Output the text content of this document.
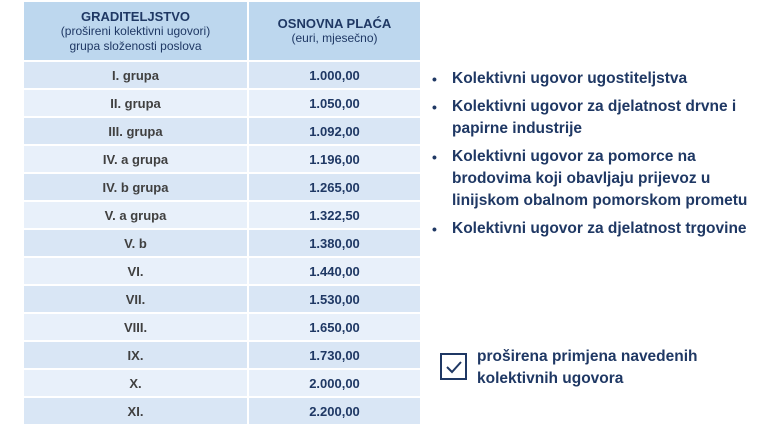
GRADITELJSTVO
(prošireni kolektivni ugovori)
grupa složenosti poslova
OSNOVNA PLAĆA
(euri, mjesečno)
I. grupa	1.000,00
II. grupa	1.050,00
III. grupa	1.092,00
IV. a grupa	1.196,00
IV. b grupa	1.265,00
V. a grupa	1.322,50
V. b	1.380,00
VI.	1.440,00
VII.	1.530,00
VIII.	1.650,00
IX.	1.730,00
X.	2.000,00
XI.	2.200,00
• Kolektivni ugovor ugostiteljstva
• Kolektivni ugovor za djelatnost drvne i papirne industrije
• Kolektivni ugovor za pomorce na brodovima koji obavljaju prijevoz u linijskom obalnom pomorskom prometu
• Kolektivni ugovor za djelatnost trgovine
proširena primjena navedenih kolektivnih ugovora
